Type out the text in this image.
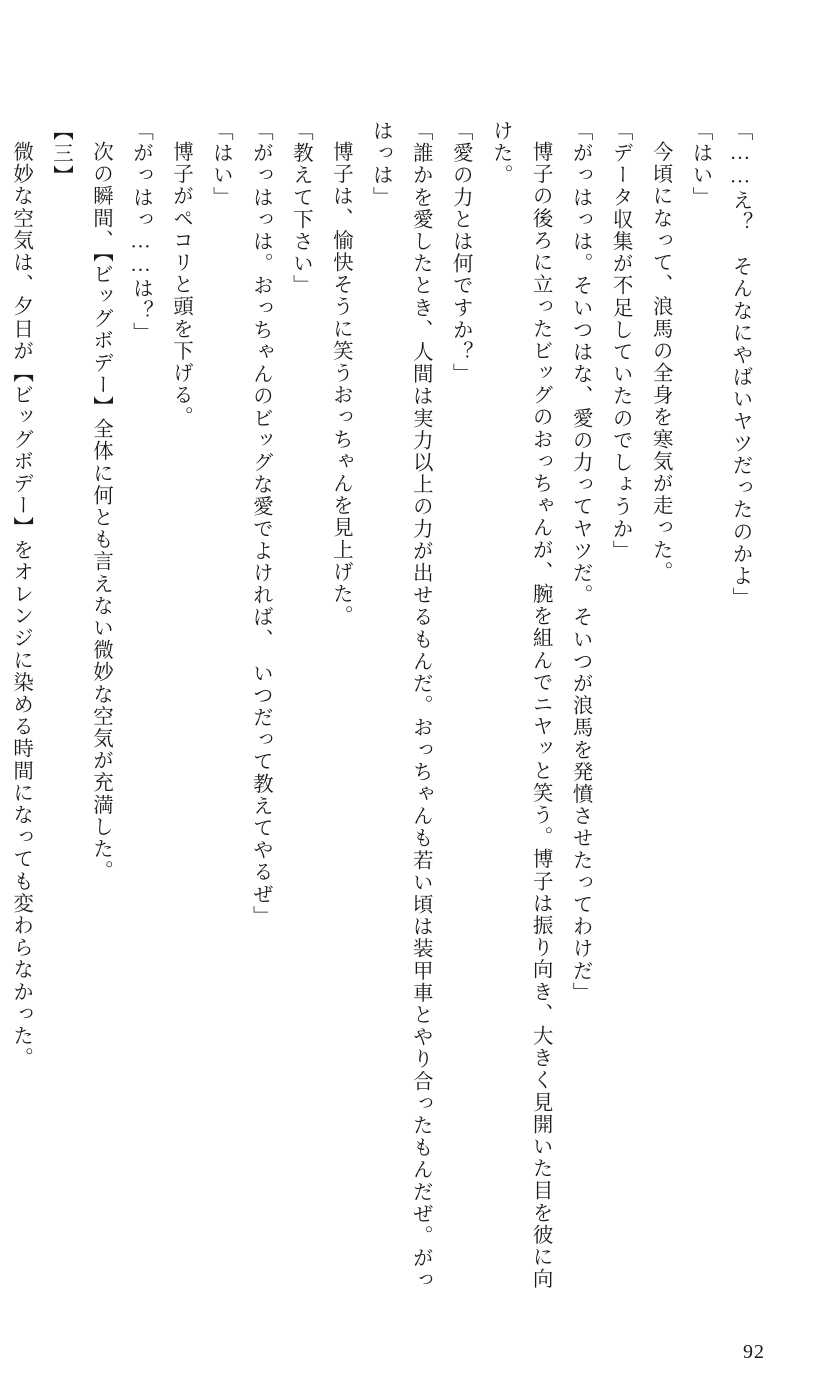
「……え？　そんなにやばいヤツだったのかよ」

「はい」

今頃になって、浪馬の全身を寒気が走った。

「データ収集が不足していたのでしょうか」

「がっはっは。そいつはな、愛の力ってヤツだ。そいつが浪馬を発憤させたってわけだ」

博子の後ろに立ったビッグのおっちゃんが、腕を組んでニヤッと笑う。博子は振り向き、大きく見開いた目を彼に向けた。

「愛の力とは何ですか？」

「誰かを愛したとき、人間は実力以上の力が出せるもんだ。おっちゃんも若い頃は装甲車とやり合ったもんだぜ。がっはっは」

博子は、愉快そうに笑うおっちゃんを見上げた。

「教えて下さい」

「がっはっは。おっちゃんのビッグな愛でよければ、　いつだって教えてやるぜ」

「はい」

博子がペコリと頭を下げる。

「がっはっ……は？」

次の瞬間、【ビッグボデー】全体に何とも言えない微妙な空気が充満した。

【三】

微妙な空気は、夕日が【ビッグボデー】をオレンジに染める時間になっても変わらなかった。

92
